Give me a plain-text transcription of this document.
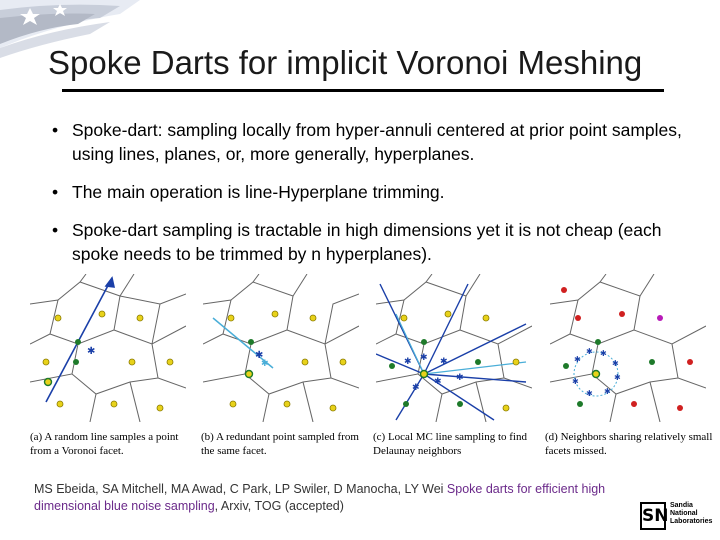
Spoke Darts for implicit Voronoi Meshing
• Spoke-dart: sampling locally from hyper-annuli centered at prior point samples, using lines, planes, or, more generally, hyperplanes.
• The main operation is line-Hyperplane trimming.
• Spoke-dart sampling is tractable in high dimensions yet it is not cheap (each spoke needs to be trimmed by n hyperplanes).
✱	✱
✱	✱ ✱ ✱
✱
✱
✱
✱
✱ ✱
✱
✱
✱
✱
✱
(a) A random line samples a point from a Voronoi facet.
(b) A redundant point sampled from the same facet.
(c) Local MC line sampling to find Delaunay neighbors
(d) Neighbors sharing relatively small facets missed.
MS Ebeida, SA Mitchell, MA Awad, C Park, LP Swiler, D Manocha, LY Wei Spoke darts for efficient high dimensional blue noise sampling, Arxiv, TOG (accepted)	SN
Sandia
National
Laboratories
